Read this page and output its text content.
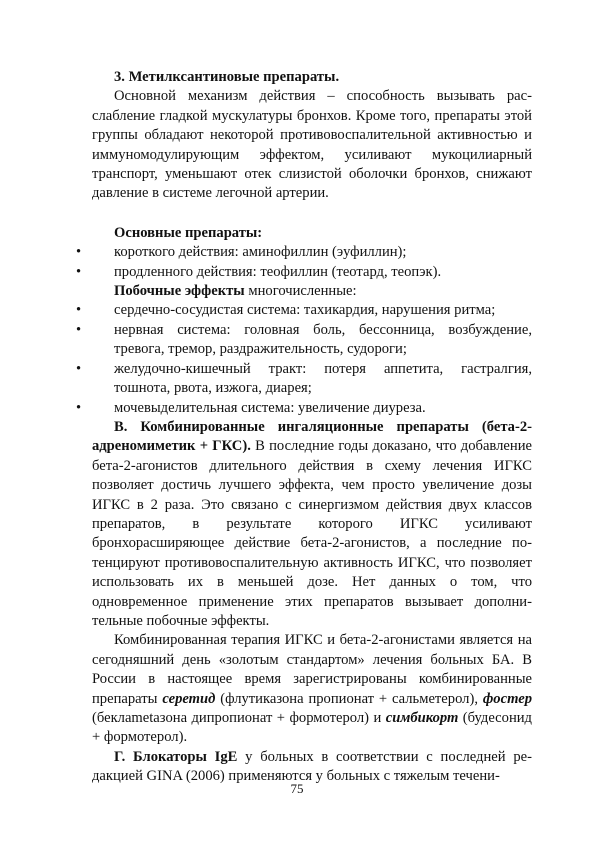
3. Метилксантиновые препараты.

Основной механизм действия – способность вызывать расслабление гладкой мускулатуры бронхов. Кроме того, препараты этой группы обладают некоторой противовоспалительной активностью и иммуномодулирующим эффектом, усиливают мукоцилиарный транспорт, уменьшают отек слизистой оболочки бронхов, снижают давление в системе легочной артерии.

Основные препараты:

• короткого действия: аминофиллин (эуфиллин);
• продленного действия: теофиллин (теотард, теопэк).

Побочные эффекты многочисленные:

• сердечно-сосудистая система: тахикардия, нарушения ритма;
• нервная система: головная боль, бессонница, возбуждение, тревога, тремор, раздражительность, судороги;
• желудочно-кишечный тракт: потеря аппетита, гастралгия, тошнота, рвота, изжога, диарея;
• мочевыделительная система: увеличение диуреза.

В. Комбинированные ингаляционные препараты (бета-2-адреномиметик + ГКС). В последние годы доказано, что добавление бета-2-агонистов длительного действия в схему лечения ИГКС позволяет достичь лучшего эффекта, чем просто увеличение дозы ИГКС в 2 раза. Это связано с синергизмом действия двух классов препаратов, в результате которого ИГКС усиливают бронхорасширяющее действие бета-2-агонистов, а последние потенцируют противовоспалительную активность ИГКС, что позволяет использовать их в меньшей дозе. Нет данных о том, что одновременное применение этих препаратов вызывает дополнительные побочные эффекты.

Комбинированная терапия ИГКС и бета-2-агонистами является на сегодняшний день «золотым стандартом» лечения больных БА. В России в настоящее время зарегистрированы комбинированные препараты серетид (флутиказона пропионат + сальметерол), фостер (беклametазона дипропионат + формотерол) и симбикорт (будесонид + формотерол).

Г. Блокаторы IgE у больных в соответствии с последней редакцией GINA (2006) применяются у больных с тяжелым течени-

75
